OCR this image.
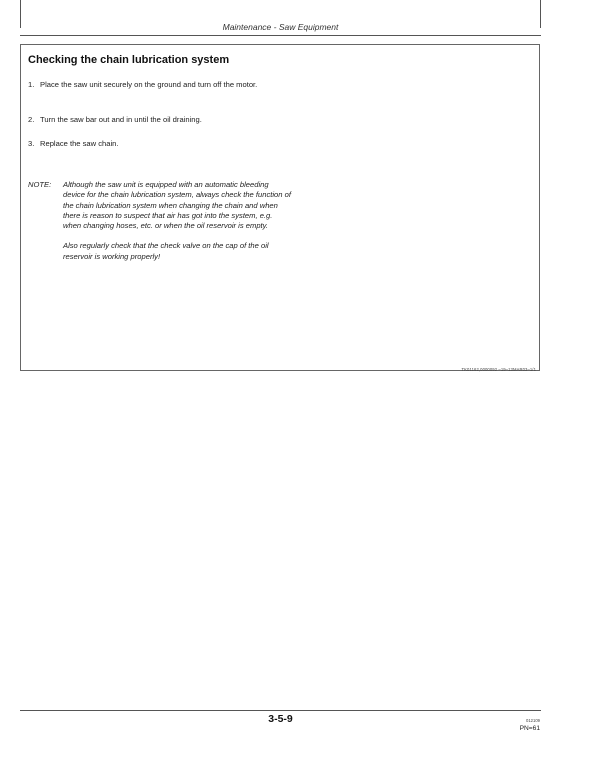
Maintenance - Saw Equipment
Checking the chain lubrication system
1. Place the saw unit securely on the ground and turn off the motor.
2. Turn the saw bar out and in until the oil draining.
3. Replace the saw chain.
NOTE: Although the saw unit is equipped with an automatic bleeding device for the chain lubrication system, always check the function of the chain lubrication system when changing the chain and when there is reason to suspect that air has got into the system, e.g. when changing hoses, etc. or when the oil reservoir is empty.
Also regularly check that the check valve on the cap of the oil reservoir is working properly!
TK01162,0000092 –19–13MAR03–1/1
3-5-9	012109
PN=61
